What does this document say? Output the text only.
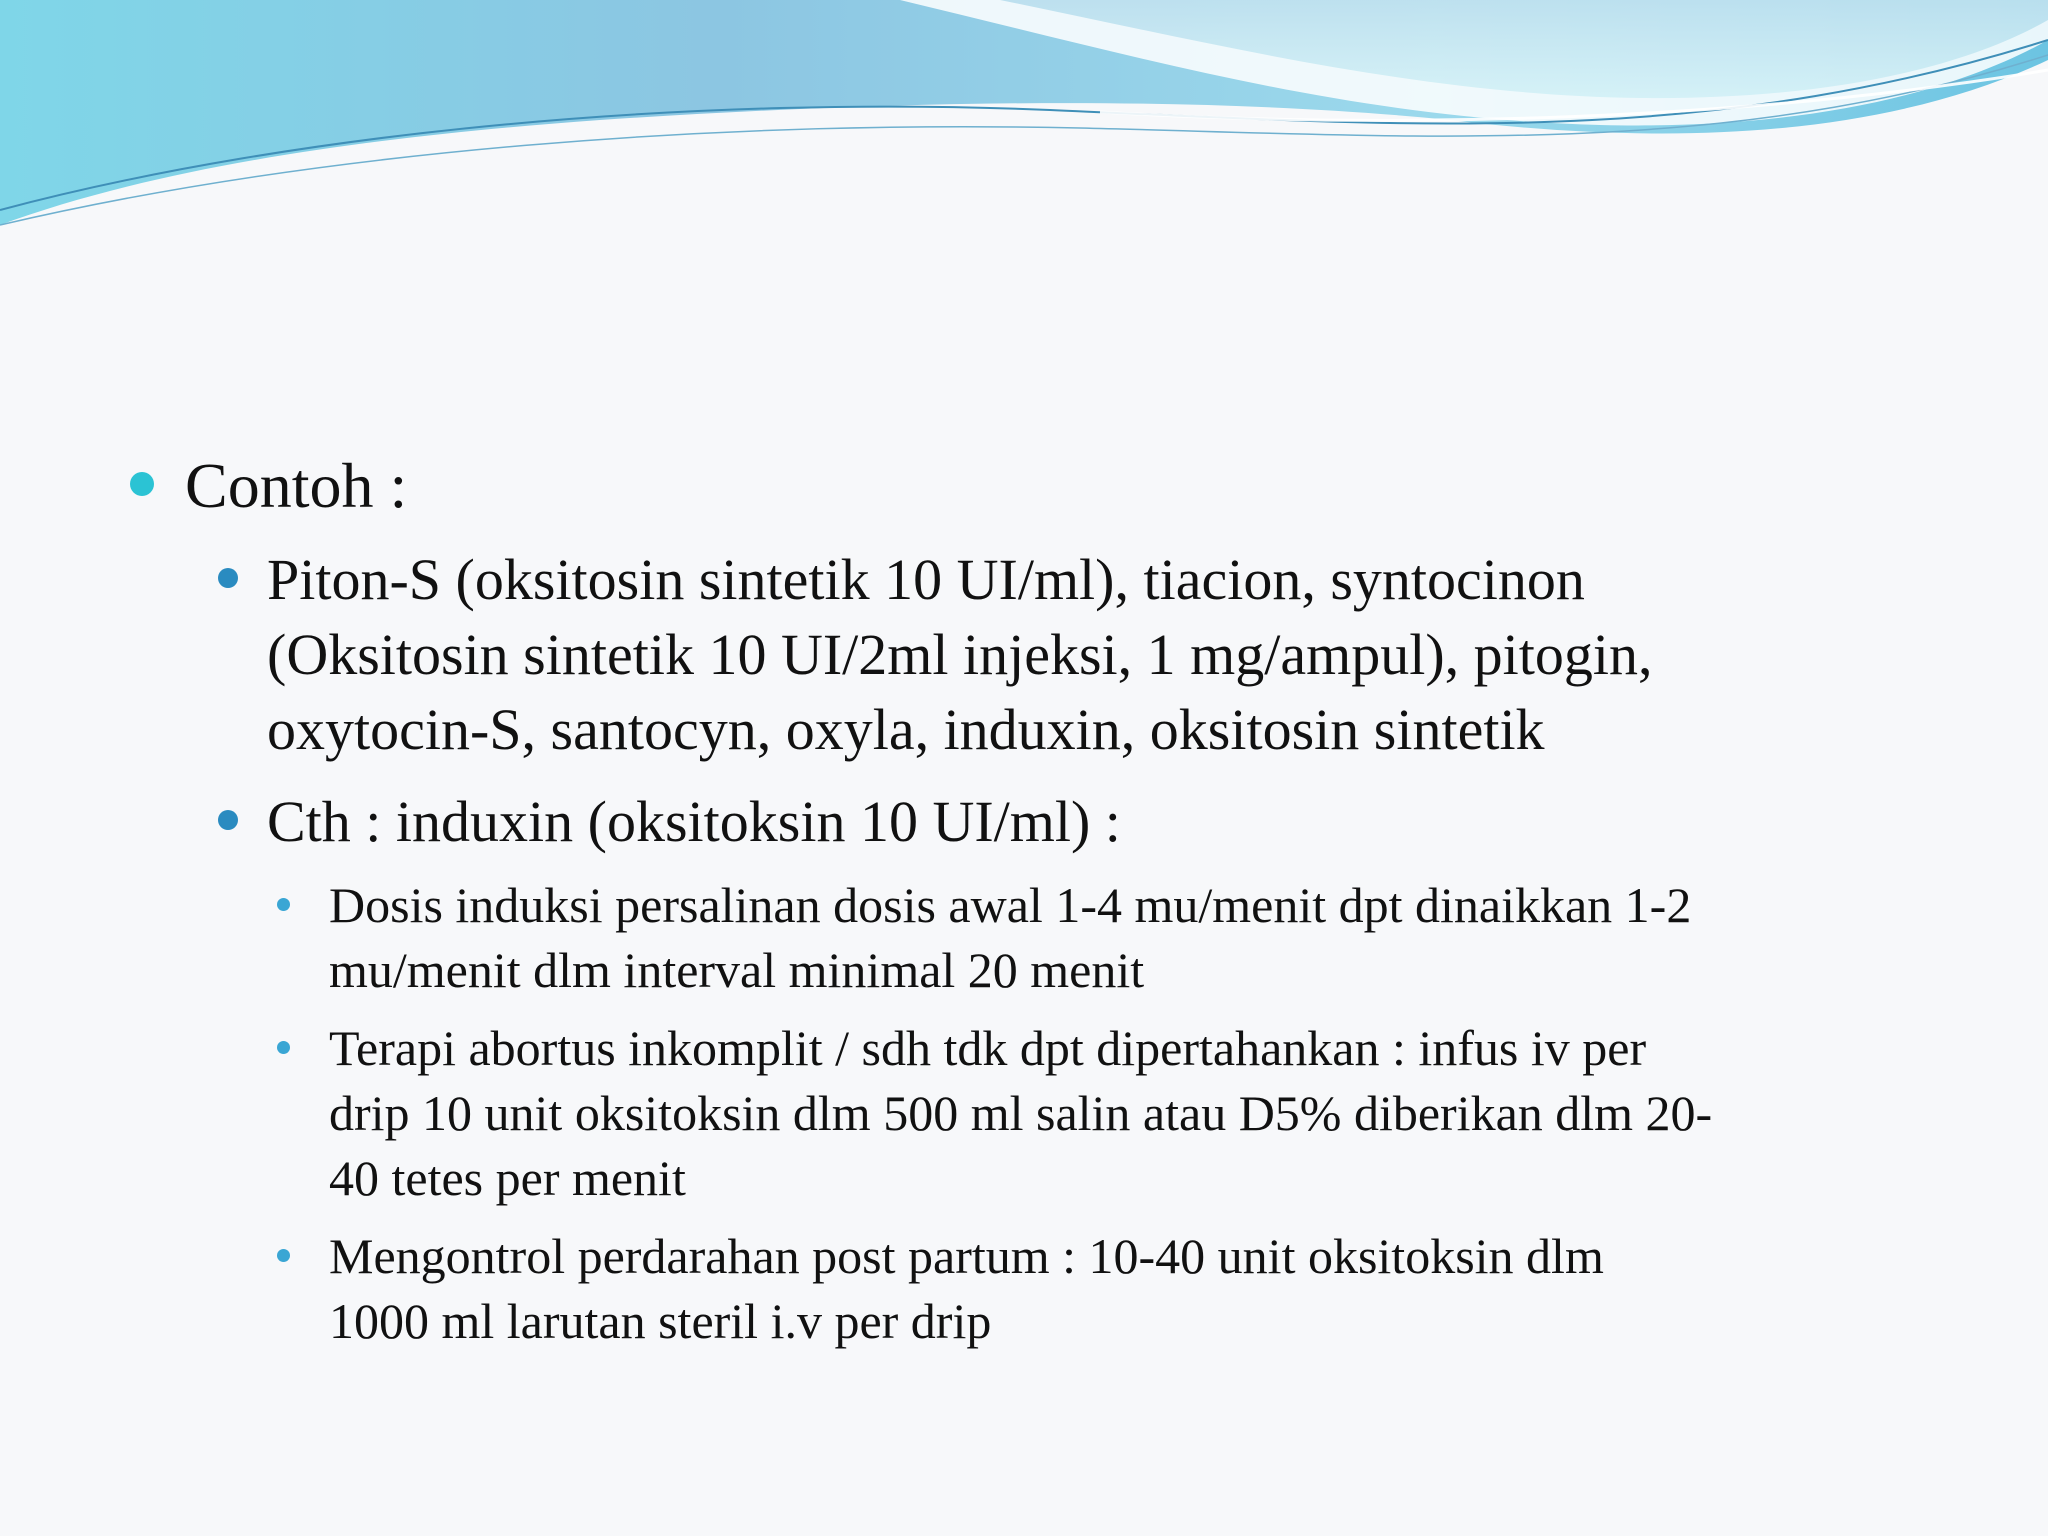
Contoh :
Piton-S (oksitosin sintetik 10 UI/ml), tiacion, syntocinon
(Oksitosin sintetik 10 UI/2ml injeksi, 1 mg/ampul), pitogin,
oxytocin-S, santocyn, oxyla, induxin, oksitosin sintetik
Cth : induxin (oksitoksin 10 UI/ml) :
Dosis induksi persalinan dosis awal 1-4 mu/menit dpt dinaikkan 1-2
mu/menit dlm interval minimal 20 menit
Terapi abortus inkomplit / sdh tdk dpt dipertahankan : infus iv per
drip 10 unit oksitoksin dlm 500 ml salin atau D5% diberikan dlm 20-
40 tetes per menit
Mengontrol perdarahan post partum : 10-40 unit oksitoksin dlm
1000 ml larutan steril i.v per drip
